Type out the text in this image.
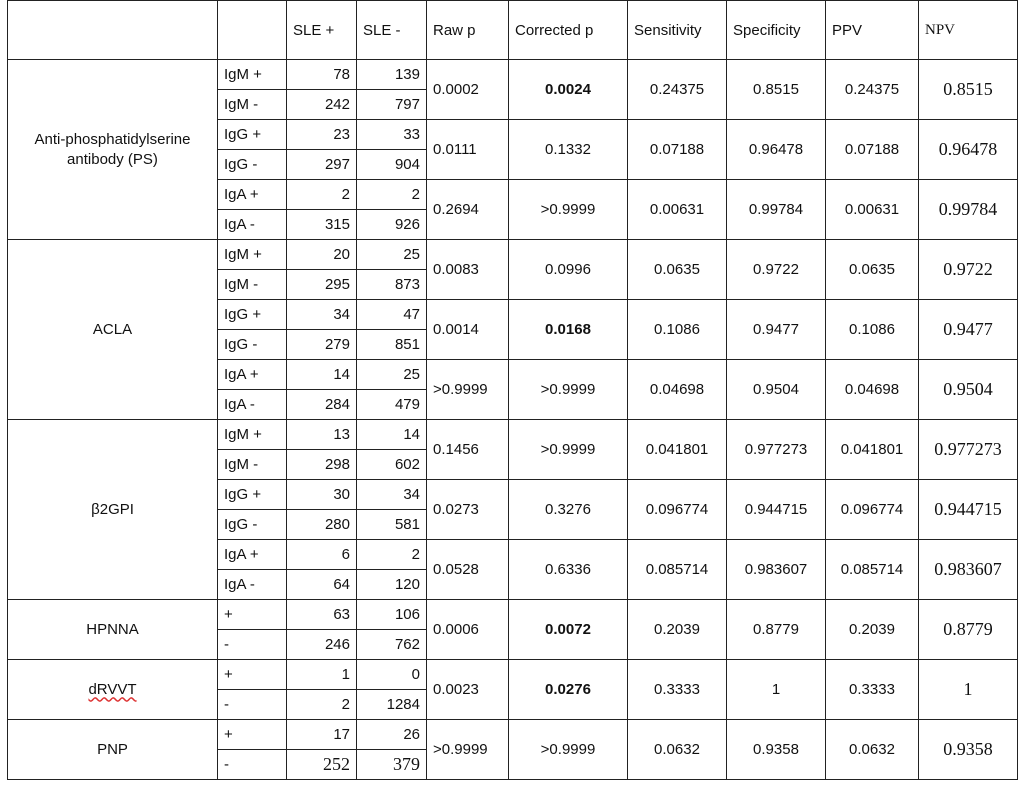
		SLE +	SLE -	Raw p	Corrected p	Sensitivity	Specificity	PPV	NPV
Anti-phosphatidylserine antibody (PS)	IgM +	78	139	0.0002	0.0024	0.24375	0.8515	0.24375	0.8515
	IgM -	242	797						
	IgG +	23	33	0.0111	0.1332	0.07188	0.96478	0.07188	0.96478
	IgG -	297	904						
	IgA +	2	2	0.2694	>0.9999	0.00631	0.99784	0.00631	0.99784
	IgA -	315	926						
ACLA	IgM +	20	25	0.0083	0.0996	0.0635	0.9722	0.0635	0.9722
	IgM -	295	873						
	IgG +	34	47	0.0014	0.0168	0.1086	0.9477	0.1086	0.9477
	IgG -	279	851						
	IgA +	14	25	>0.9999	>0.9999	0.04698	0.9504	0.04698	0.9504
	IgA -	284	479						
β2GPI	IgM +	13	14	0.1456	>0.9999	0.041801	0.977273	0.041801	0.977273
	IgM -	298	602						
	IgG +	30	34	0.0273	0.3276	0.096774	0.944715	0.096774	0.944715
	IgG -	280	581						
	IgA +	6	2	0.0528	0.6336	0.085714	0.983607	0.085714	0.983607
	IgA -	64	120						
HPNNA	+	63	106	0.0006	0.0072	0.2039	0.8779	0.2039	0.8779
	-	246	762						
dRVVT	+	1	0	0.0023	0.0276	0.3333	1	0.3333	1
	-	2	1284						
PNP	+	17	26	>0.9999	>0.9999	0.0632	0.9358	0.0632	0.9358
	-	252	379						
